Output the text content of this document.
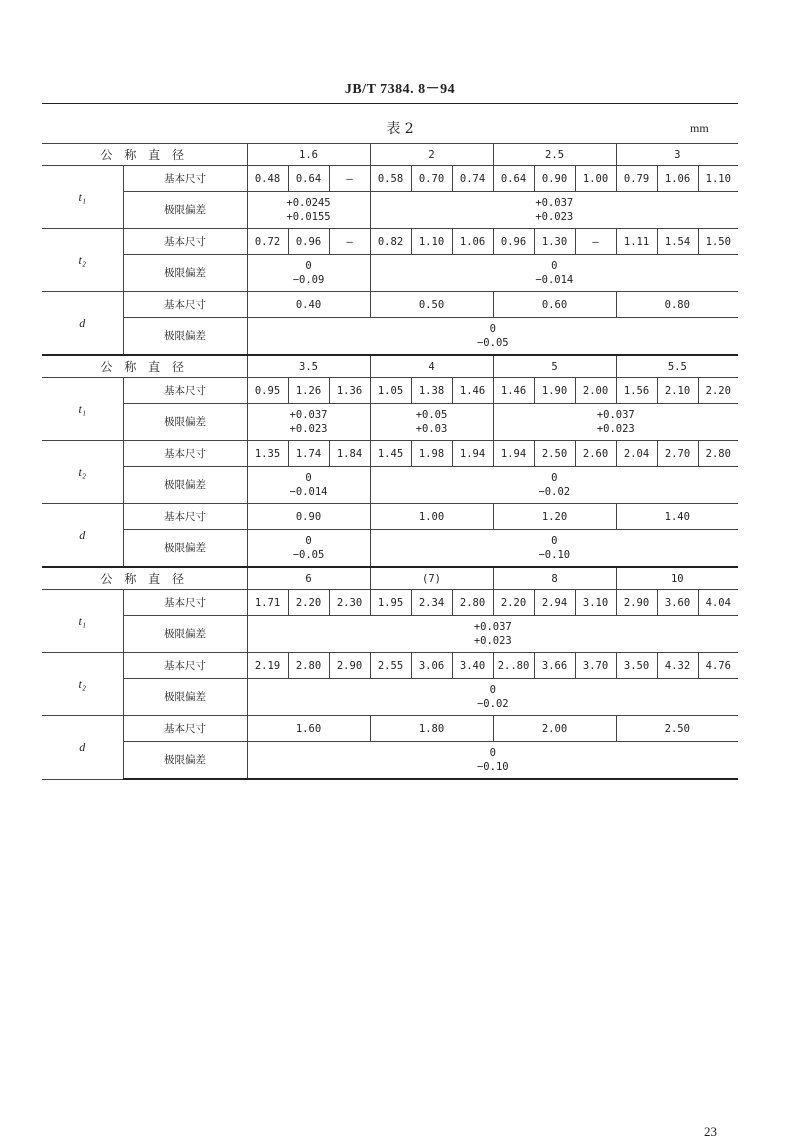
JB/T 7384. 8－94
表 2	mm
公 称 直 径		1.6			2			2.5			3		
t₁	基本尺寸	0.48	0.64	—	0.58	0.70	0.74	0.64	0.90	1.00	0.79	1.06	1.10
	极限偏差	+0.0245
+0.0155			+0.037
+0.023								

t₂	基本尺寸	0.72	0.96	—	0.82	1.10	1.06	0.96	1.30	—	1.11	1.54	1.50
	极限偏差	0
−0.09			0
−0.014								

d	基本尺寸	0.40			0.50			0.60			0.80		
	极限偏差	0
−0.05											

公 称 直 径		3.5			4			5			5.5		
t₁	基本尺寸	0.95	1.26	1.36	1.05	1.38	1.46	1.46	1.90	2.00	1.56	2.10	2.20
	极限偏差	+0.037
+0.023			+0.05
+0.03			+0.037
+0.023					

t₂	基本尺寸	1.35	1.74	1.84	1.45	1.98	1.94	1.94	2.50	2.60	2.04	2.70	2.80
	极限偏差	0
−0.014			0
−0.02								

d	基本尺寸	0.90			1.00			1.20			1.40		
	极限偏差	0
−0.05			0
−0.10								

公 称 直 径		6			(7)			8			10		
t₁	基本尺寸	1.71	2.20	2.30	1.95	2.34	2.80	2.20	2.94	3.10	2.90	3.60	4.04
	极限偏差	+0.037
+0.023											

t₂	基本尺寸	2.19	2.80	2.90	2.55	3.06	3.40	2..80	3.66	3.70	3.50	4.32	4.76
	极限偏差	0
−0.02											

d	基本尺寸	1.60			1.80			2.00			2.50		
	极限偏差	0
−0.10											
23
